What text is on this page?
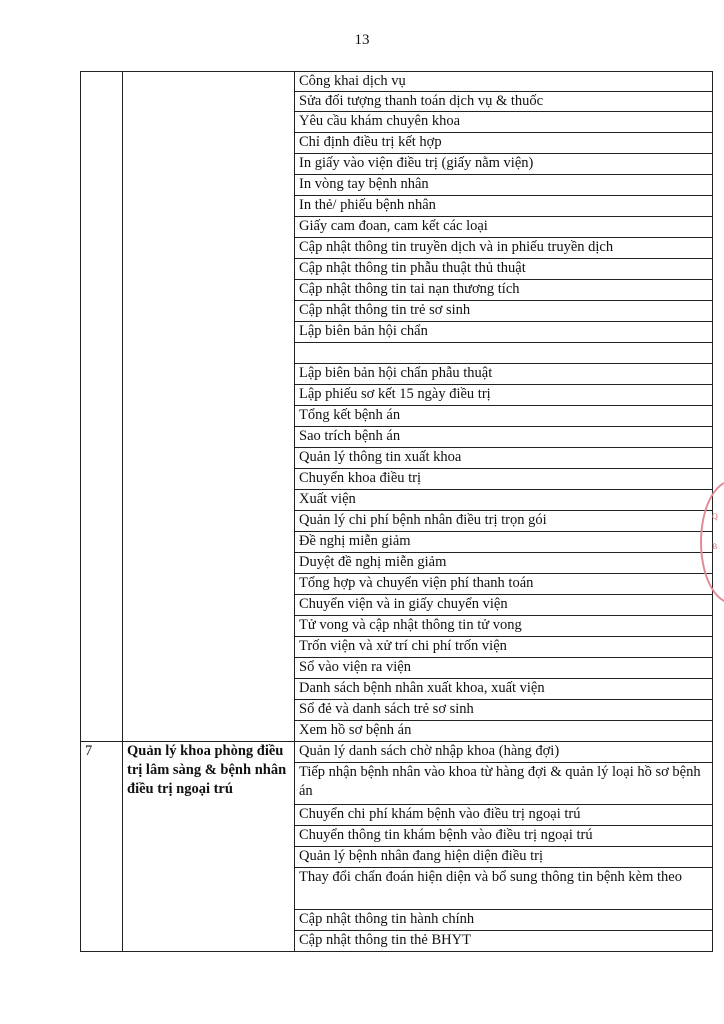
13
		Công khai dịch vụ
		Sửa đối tượng thanh toán dịch vụ & thuốc
		Yêu cầu khám chuyên khoa
		Chỉ định điều trị kết hợp
		In giấy vào viện điều trị (giấy nằm viện)
		In vòng tay bệnh nhân
		In thẻ/ phiếu bệnh nhân
		Giấy cam đoan, cam kết các loại
		Cập nhật thông tin truyền dịch và in phiếu truyền dịch
		Cập nhật thông tin phẫu thuật thủ thuật
		Cập nhật thông tin tai nạn thương tích
		Cập nhật thông tin trẻ sơ sinh
		Lập biên bản hội chẩn

		Lập biên bản hội chẩn phẫu thuật
		Lập phiếu sơ kết 15 ngày điều trị
		Tổng kết bệnh án
		Sao trích bệnh án
		Quản lý thông tin xuất khoa
		Chuyển khoa điều trị
		Xuất viện
		Quản lý chi phí bệnh nhân điều trị trọn gói
		Đề nghị miễn giảm
		Duyệt đề nghị miễn giảm
		Tổng hợp và chuyển viện phí thanh toán
		Chuyển viện và in giấy chuyển viện
		Tử vong và cập nhật thông tin tử vong
		Trốn viện và xử trí chi phí trốn viện
		Sổ vào viện ra viện
		Danh sách bệnh nhân xuất khoa, xuất viện
		Sổ đẻ và danh sách trẻ sơ sinh
		Xem hồ sơ bệnh án
7	Quản lý khoa phòng điều trị lâm sàng & bệnh nhân điều trị ngoại trú	Quản lý danh sách chờ nhập khoa (hàng đợi)
		Tiếp nhận bệnh nhân vào khoa từ hàng đợi & quản lý loại hồ sơ bệnh án
		Chuyển chi phí khám bệnh vào điều trị ngoại trú
		Chuyển thông tin khám bệnh vào điều trị ngoại trú
		Quản lý bệnh nhân đang hiện diện điều trị
		Thay đổi chẩn đoán hiện diện và bổ sung thông tin bệnh kèm theo
		Cập nhật thông tin hành chính
		Cập nhật thông tin thẻ BHYT
Q
B
